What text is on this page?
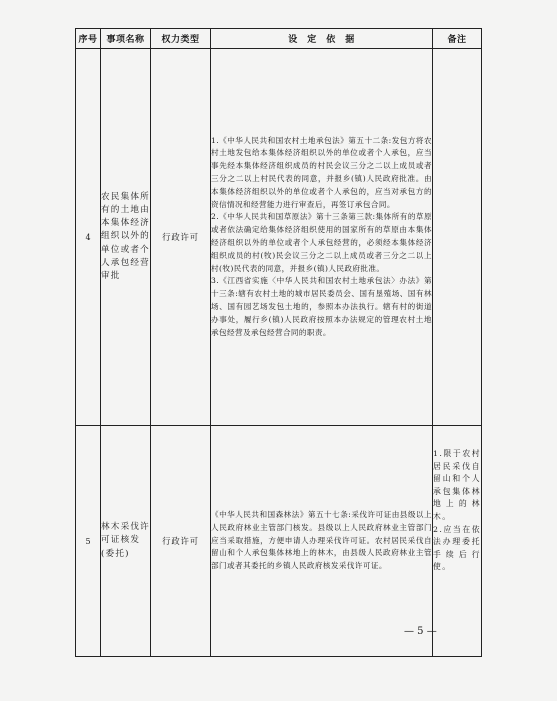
序号	事项名称	权力类型	设　定　依　据	备注
4	农民集体所有的土地由本集体经济组织以外的单位或者个人承包经营审批	行政许可	1.《中华人民共和国农村土地承包法》第五十二条:发包方将农村土地发包给本集体经济组织以外的单位或者个人承包，应当事先经本集体经济组织成员的村民会议三分之二以上成员或者三分之二以上村民代表的同意，并报乡(镇)人民政府批准。由本集体经济组织以外的单位或者个人承包的，应当对承包方的资信情况和经营能力进行审查后，再签订承包合同。

2.《中华人民共和国草原法》第十三条第三款:集体所有的草原或者依法确定给集体经济组织使用的国家所有的草原由本集体经济组织以外的单位或者个人承包经营的，必须经本集体经济组织成员的村(牧)民会议三分之二以上成员或者三分之二以上村(牧)民代表的同意，并报乡(镇)人民政府批准。

3.《江西省实施〈中华人民共和国农村土地承包法〉办法》第十三条:辖有农村土地的城市居民委员会、国有垦殖场、国有林场、国有园艺场发包土地的，参照本办法执行。辖有村的街道办事处，履行乡(镇)人民政府按照本办法规定的管理农村土地承包经营及承包经营合同的职责。	

5	林木采伐许可证核发(委托)	行政许可	《中华人民共和国森林法》第五十七条:采伐许可证由县级以上人民政府林业主管部门核发。县级以上人民政府林业主管部门应当采取措施，方便申请人办理采伐许可证。农村居民采伐自留山和个人承包集体林地上的林木，由县级人民政府林业主管部门或者其委托的乡镇人民政府核发采伐许可证。	1.限于农村居民采伐自留山和个人承包集体林地上的林木。

2.应当在依法办理委托手续后行使。

— 5 —
